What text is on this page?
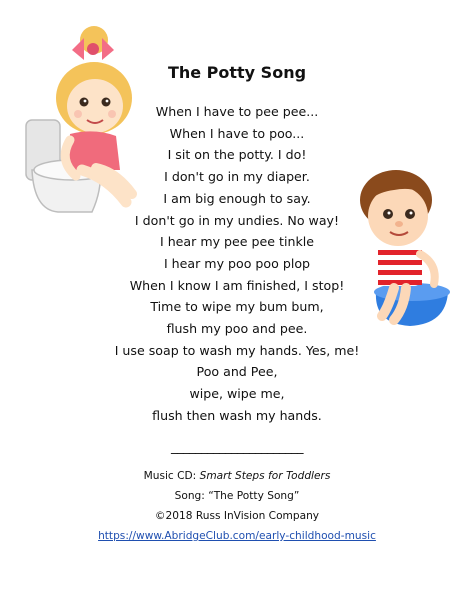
The Potty Song
When I have to pee pee...
When I have to poo...
I sit on the potty. I do!
I don't go in my diaper.
I am big enough to say.
I don't go in my undies. No way!
I hear my pee pee tinkle
I hear my poo poo plop
When I know I am finished, I stop!
Time to wipe my bum bum,
flush my poo and pee.
I use soap to wash my hands. Yes, me!
Poo and Pee,
wipe, wipe me,
flush then wash my hands.
______________________
Music CD: Smart Steps for Toddlers
Song: “The Potty Song”
©2018 Russ InVision Company
https://www.AbridgeClub.com/early-childhood-music
